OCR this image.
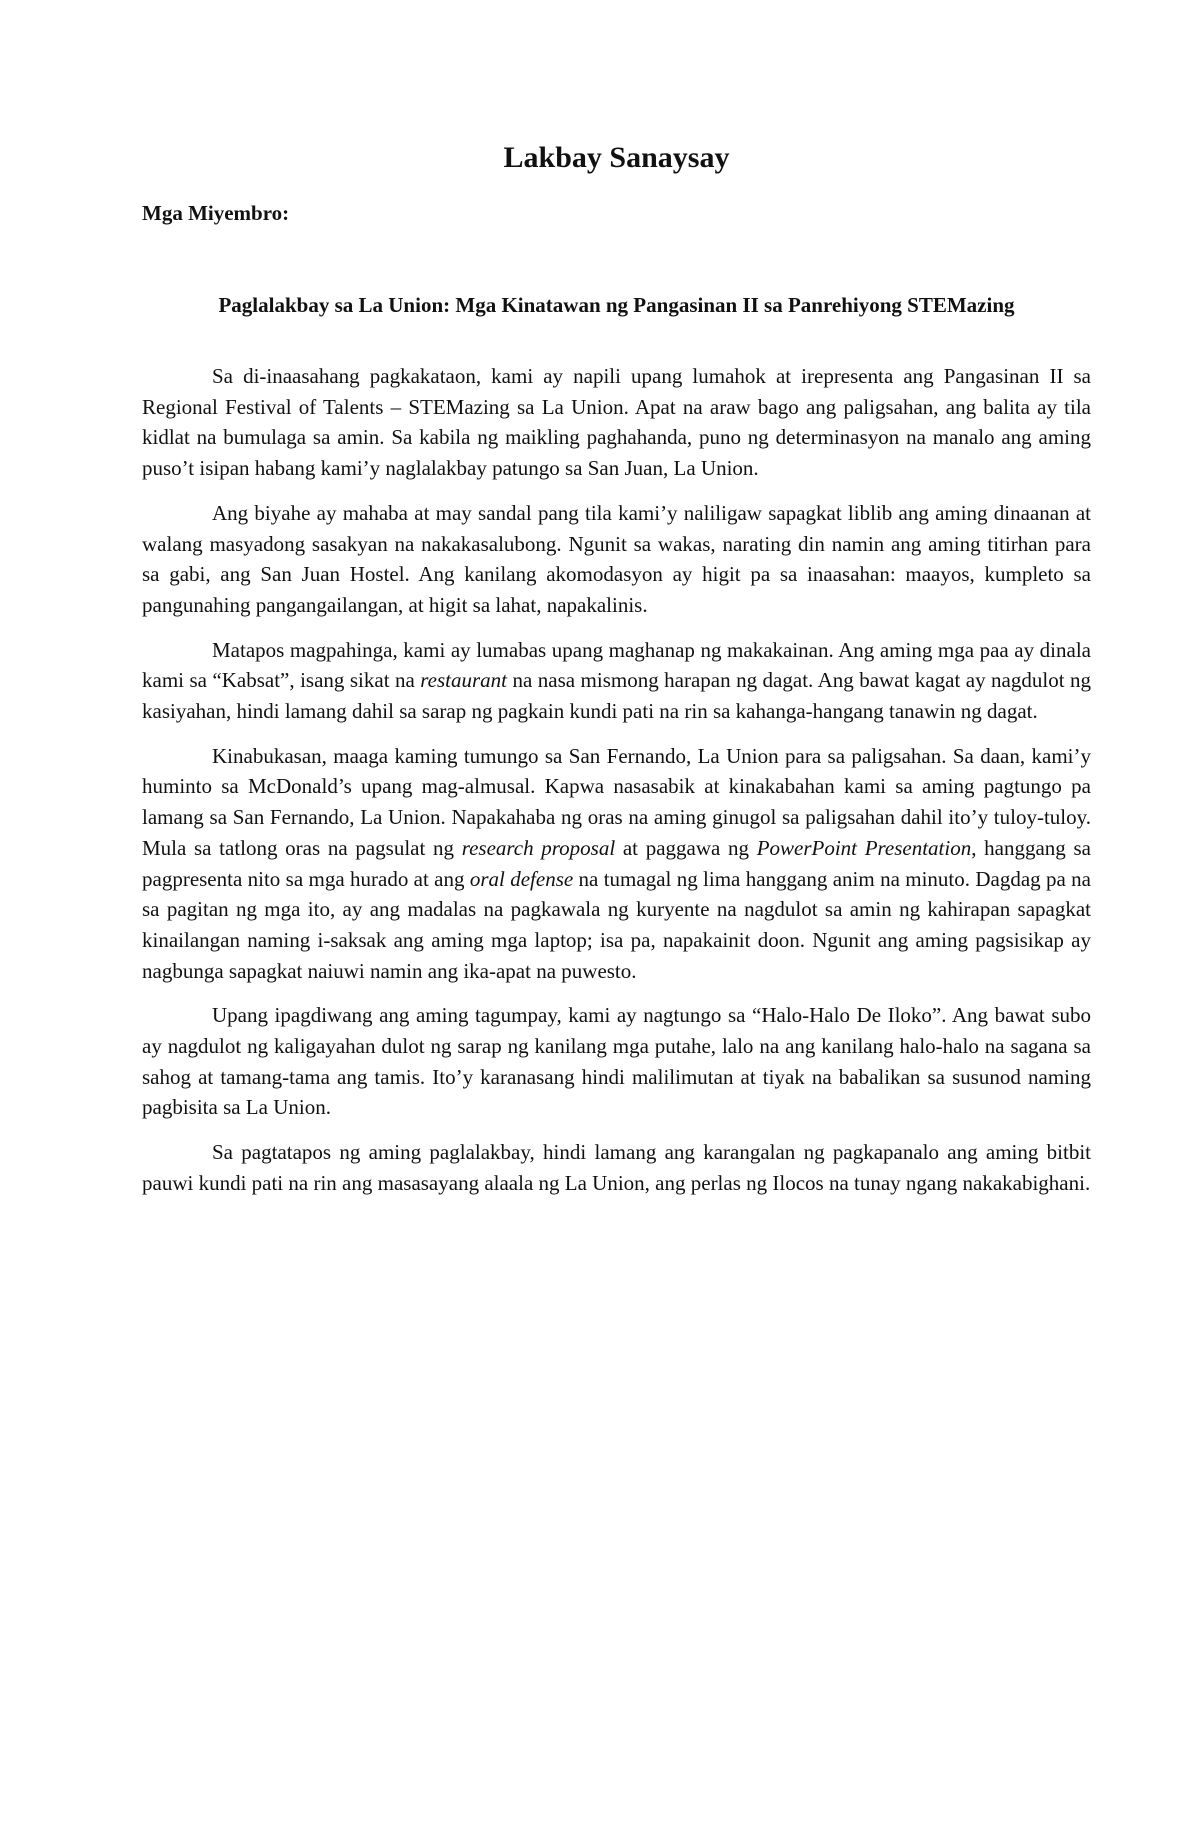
Lakbay Sanaysay

Mga Miyembro:

Paglalakbay sa La Union: Mga Kinatawan ng Pangasinan II sa Panrehiyong STEMazing

Sa di-inaasahang pagkakataon, kami ay napili upang lumahok at irepresenta ang Pangasinan II sa Regional Festival of Talents – STEMazing sa La Union. Apat na araw bago ang paligsahan, ang balita ay tila kidlat na bumulaga sa amin. Sa kabila ng maikling paghahanda, puno ng determinasyon na manalo ang aming puso’t isipan habang kami’y naglalakbay patungo sa San Juan, La Union.

Ang biyahe ay mahaba at may sandal pang tila kami’y naliligaw sapagkat liblib ang aming dinaanan at walang masyadong sasakyan na nakakasalubong. Ngunit sa wakas, narating din namin ang aming titirhan para sa gabi, ang San Juan Hostel. Ang kanilang akomodasyon ay higit pa sa inaasahan: maayos, kumpleto sa pangunahing pangangailangan, at higit sa lahat, napakalinis.

Matapos magpahinga, kami ay lumabas upang maghanap ng makakainan. Ang aming mga paa ay dinala kami sa “Kabsat”, isang sikat na restaurant na nasa mismong harapan ng dagat. Ang bawat kagat ay nagdulot ng kasiyahan, hindi lamang dahil sa sarap ng pagkain kundi pati na rin sa kahanga-hangang tanawin ng dagat.

Kinabukasan, maaga kaming tumungo sa San Fernando, La Union para sa paligsahan. Sa daan, kami’y huminto sa McDonald’s upang mag-almusal. Kapwa nasasabik at kinakabahan kami sa aming pagtungo pa lamang sa San Fernando, La Union. Napakahaba ng oras na aming ginugol sa paligsahan dahil ito’y tuloy-tuloy. Mula sa tatlong oras na pagsulat ng research proposal at paggawa ng PowerPoint Presentation, hanggang sa pagpresenta nito sa mga hurado at ang oral defense na tumagal ng lima hanggang anim na minuto. Dagdag pa na sa pagitan ng mga ito, ay ang madalas na pagkawala ng kuryente na nagdulot sa amin ng kahirapan sapagkat kinailangan naming i-saksak ang aming mga laptop; isa pa, napakainit doon. Ngunit ang aming pagsisikap ay nagbunga sapagkat naiuwi namin ang ika-apat na puwesto.

Upang ipagdiwang ang aming tagumpay, kami ay nagtungo sa “Halo-Halo De Iloko”. Ang bawat subo ay nagdulot ng kaligayahan dulot ng sarap ng kanilang mga putahe, lalo na ang kanilang halo-halo na sagana sa sahog at tamang-tama ang tamis. Ito’y karanasang hindi malilimutan at tiyak na babalikan sa susunod naming pagbisita sa La Union.

Sa pagtatapos ng aming paglalakbay, hindi lamang ang karangalan ng pagkapanalo ang aming bitbit pauwi kundi pati na rin ang masasayang alaala ng La Union, ang perlas ng Ilocos na tunay ngang nakakabighani.
